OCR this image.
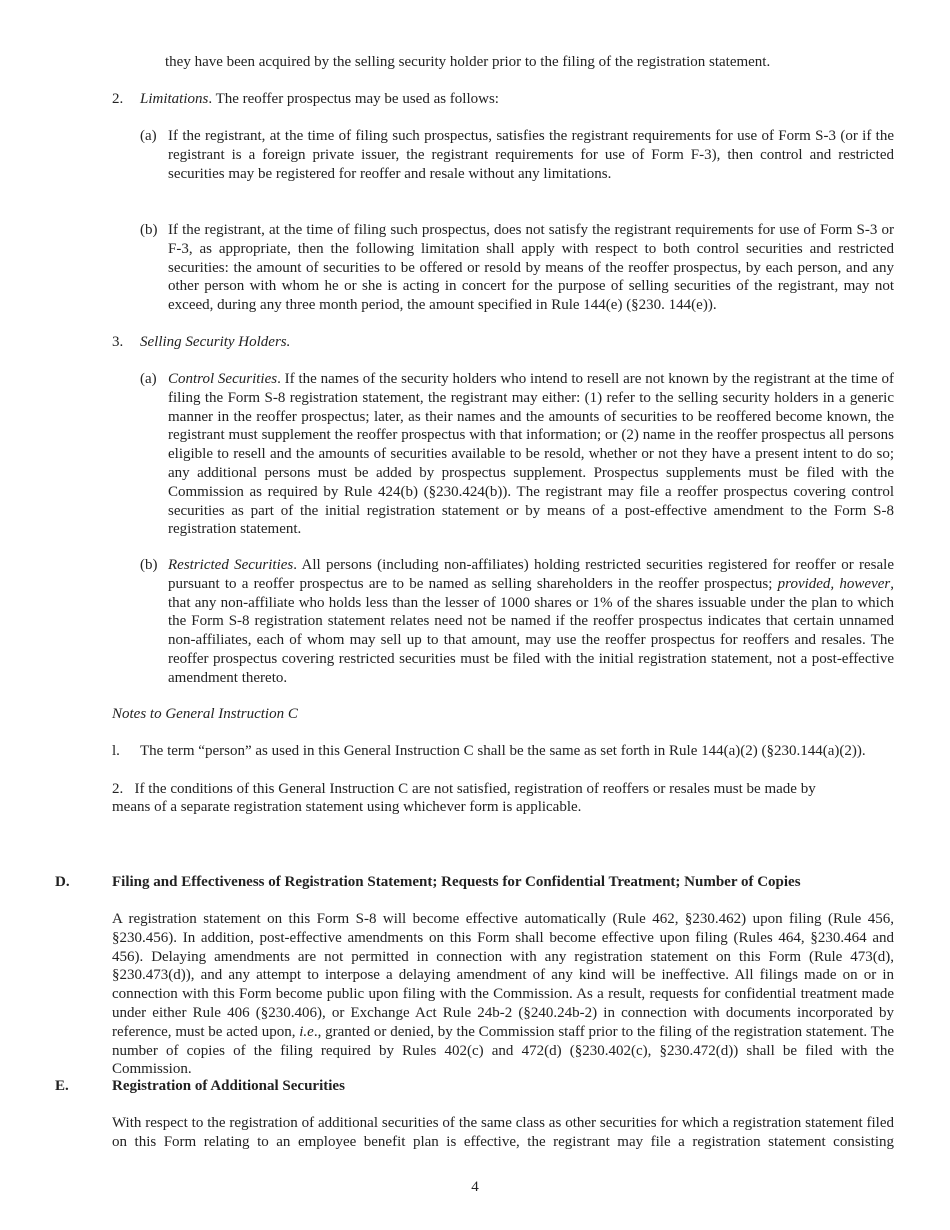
they have been acquired by the selling security holder prior to the filing of the registration statement.
2. Limitations. The reoffer prospectus may be used as follows:
(a) If the registrant, at the time of filing such prospectus, satisfies the registrant requirements for use of Form S-3 (or if the registrant is a foreign private issuer, the registrant requirements for use of Form F-3), then control and restricted securities may be registered for reoffer and resale without any limitations.
(b) If the registrant, at the time of filing such prospectus, does not satisfy the registrant requirements for use of Form S-3 or F-3, as appropriate, then the following limitation shall apply with respect to both control securities and restricted securities: the amount of securities to be offered or resold by means of the reoffer prospectus, by each person, and any other person with whom he or she is acting in concert for the purpose of selling securities of the registrant, may not exceed, during any three month period, the amount specified in Rule 144(e) (§230. 144(e)).
3. Selling Security Holders.
(a) Control Securities. If the names of the security holders who intend to resell are not known by the registrant at the time of filing the Form S-8 registration statement, the registrant may either: (1) refer to the selling security holders in a generic manner in the reoffer prospectus; later, as their names and the amounts of securities to be reoffered become known, the registrant must supplement the reoffer prospectus with that information; or (2) name in the reoffer prospectus all persons eligible to resell and the amounts of securities available to be resold, whether or not they have a present intent to do so; any additional persons must be added by prospectus supplement. Prospectus supplements must be filed with the Commission as required by Rule 424(b) (§230.424(b)). The registrant may file a reoffer prospectus covering control securities as part of the initial registration statement or by means of a post-effective amendment to the Form S-8 registration statement.
(b) Restricted Securities. All persons (including non-affiliates) holding restricted securities registered for reoffer or resale pursuant to a reoffer prospectus are to be named as selling shareholders in the reoffer prospectus; provided, however, that any non-affiliate who holds less than the lesser of 1000 shares or 1% of the shares issuable under the plan to which the Form S-8 registration statement relates need not be named if the reoffer prospectus indicates that certain unnamed non-affiliates, each of whom may sell up to that amount, may use the reoffer prospectus for reoffers and resales. The reoffer prospectus covering restricted securities must be filed with the initial registration statement, not a post-effective amendment thereto.
Notes to General Instruction C
l. The term “person” as used in this General Instruction C shall be the same as set forth in Rule 144(a)(2) (§230.144(a)(2)).
2.   If the conditions of this General Instruction C are not satisfied, registration of reoffers or resales must be made by
means of a separate registration statement using whichever form is applicable.
D.	Filing and Effectiveness of Registration Statement; Requests for Confidential Treatment; Number of Copies
A registration statement on this Form S-8 will become effective automatically (Rule 462, §230.462) upon filing (Rule 456, §230.456). In addition, post-effective amendments on this Form shall become effective upon filing (Rules 464, §230.464 and 456). Delaying amendments are not permitted in connection with any registration statement on this Form (Rule 473(d), §230.473(d)), and any attempt to interpose a delaying amendment of any kind will be ineffective. All filings made on or in connection with this Form become public upon filing with the Commission. As a result, requests for confidential treatment made under either Rule 406 (§230.406), or Exchange Act Rule 24b-2 (§240.24b-2) in connection with documents incorporated by reference, must be acted upon, i.e., granted or denied, by the Commission staff prior to the filing of the registration statement. The number of copies of the filing required by Rules 402(c) and 472(d) (§230.402(c), §230.472(d)) shall be filed with the Commission.
E.	Registration of Additional Securities
With respect to the registration of additional securities of the same class as other securities for which a registration statement filed on this Form relating to an employee benefit plan is effective, the registrant may file a registration statement consisting
4
